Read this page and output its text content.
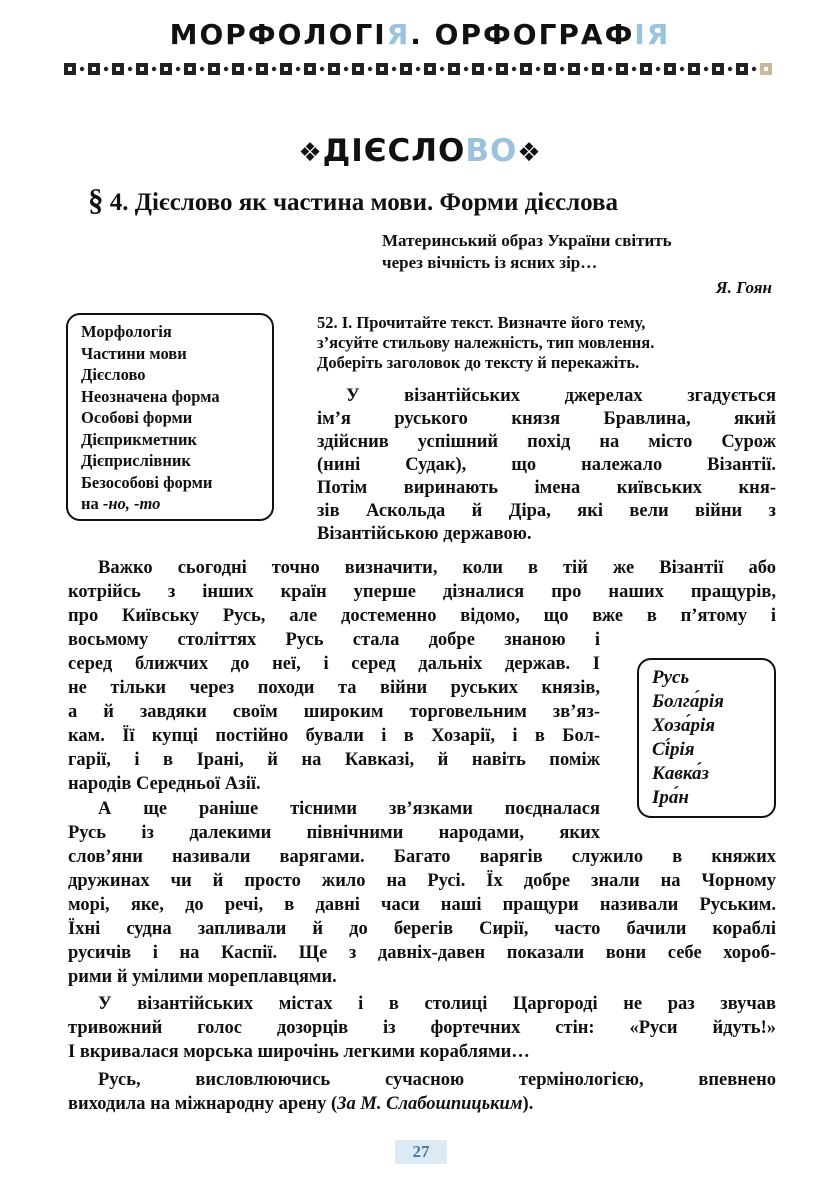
МОРФОЛОГІЯ. ОРФОГРАФІЯ
❖ДІЄСЛОВО❖
§ 4. Дієслово як частина мови. Форми дієслова
Материнський образ України світить
через вічність із ясних зір…
Я. Гоян
Морфологія
Частини мови
Дієслово
Неозначена форма
Особові форми
Дієприкметник
Дієприслівник
Безособові форми
на -но, -то
52. І. Прочитайте текст. Визначте його тему,
з’ясуйте стильову належність, тип мовлення.
Доберіть заголовок до тексту й перекажіть.
Русь
Болга́рія
Хоза́рія
Сі́рія
Кавка́з
Іра́н
У візантійських джерелах згадується
ім’я руського князя Бравлина, який
здійснив успішний похід на місто Сурож
(нині Судак), що належало Візантії.
Потім виринають імена київських кня-
зів Аскольда й Діра, які вели війни з
Візантійською державою.
Важко сьогодні точно визначити, коли в тій же Візантії або
котрійсь з інших країн уперше дізналися про наших пращурів,
про Київську Русь, але достеменно відомо, що вже в п’ятому і
восьмому століттях Русь стала добре знаною і
серед ближчих до неї, і серед дальніх держав. І
не тільки через походи та війни руських князів,
а й завдяки своїм широким торговельним зв’яз-
кам. Її купці постійно бували і в Хозарії, і в Бол-
гарії, і в Ірані, й на Кавказі, й навіть поміж
народів Середньої Азії.
А ще раніше тісними зв’язками поєдналася
Русь із далекими північними народами, яких
слов’яни називали варягами. Багато варягів служило в княжих
дружинах чи й просто жило на Русі. Їх добре знали на Чорному
морі, яке, до речі, в давні часи наші пращури називали Руським.
Їхні судна запливали й до берегів Сирії, часто бачили кораблі
русичів і на Каспії. Ще з давніх-давен показали вони себе хороб-
рими й умілими мореплавцями.
У візантійських містах і в столиці Царгороді не раз звучав
тривожний голос дозорців із фортечних стін: «Руси йдуть!»
І вкривалася морська широчінь легкими кораблями…
Русь, висловлюючись сучасною термінологією, впевнено
виходила на міжнародну арену (За М. Слабошпицьким).
27
